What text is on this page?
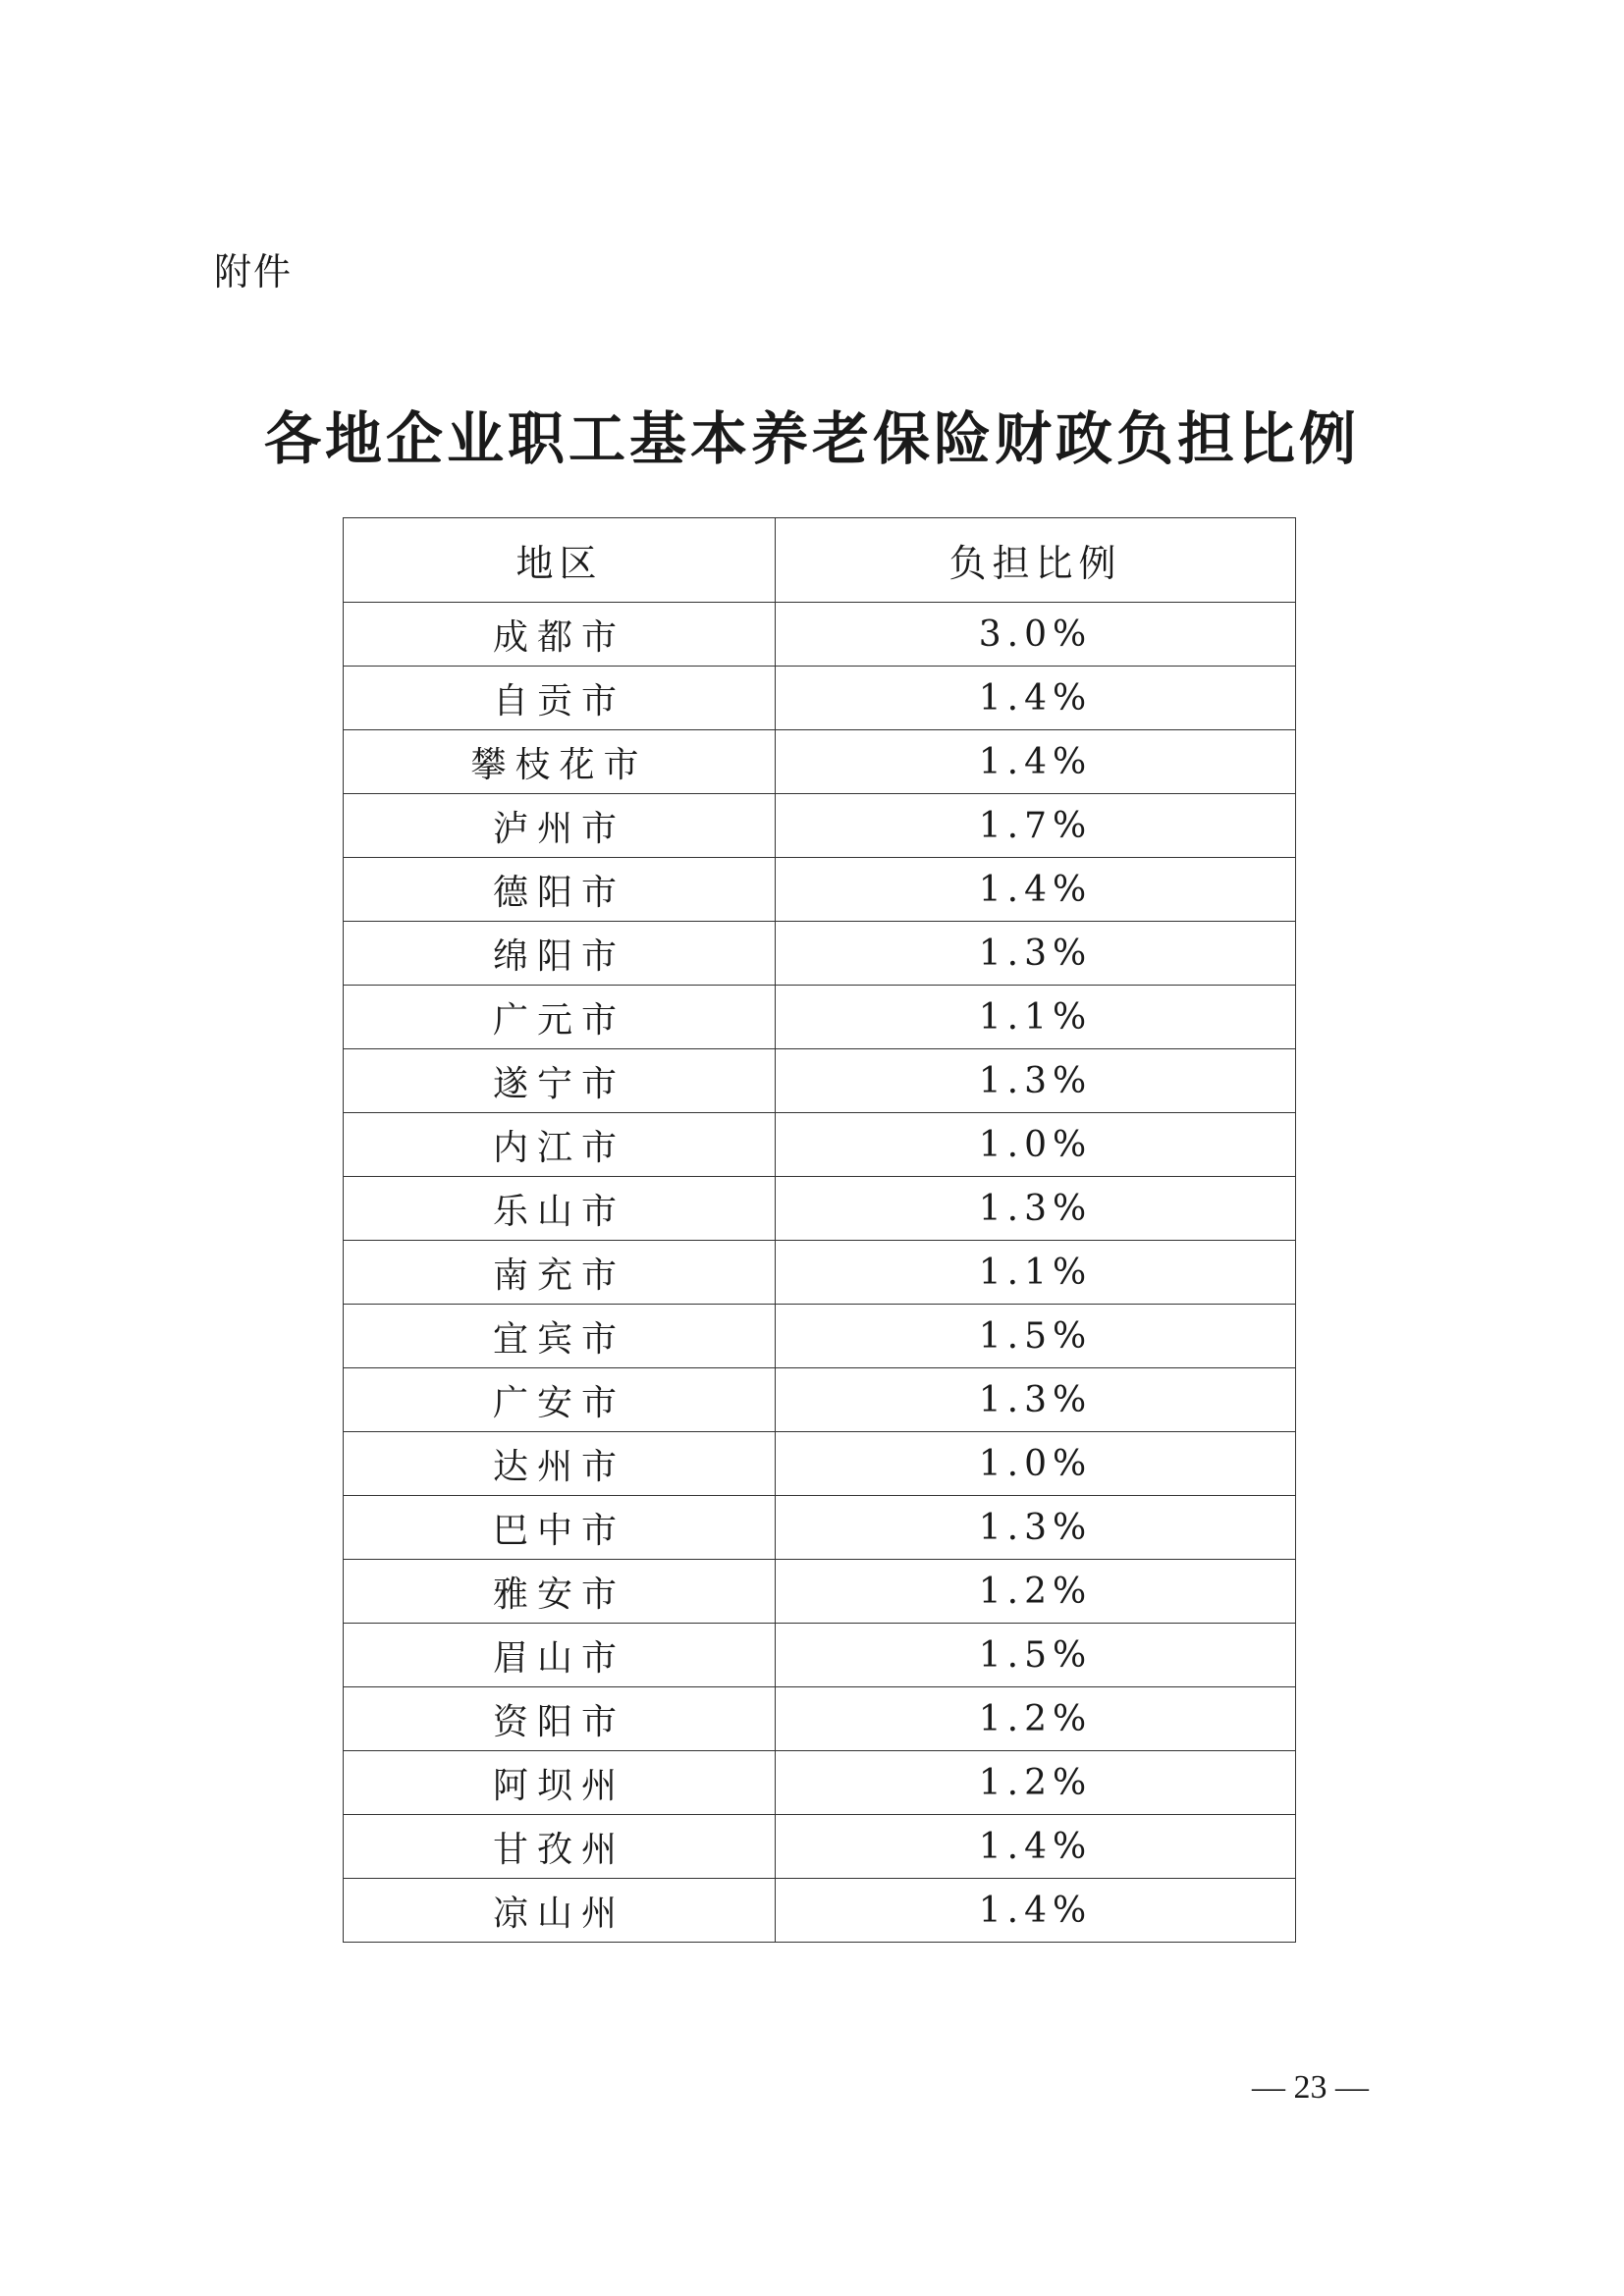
附件
各地企业职工基本养老保险财政负担比例
地区	负担比例
成都市	3.0%
自贡市	1.4%
攀枝花市	1.4%
泸州市	1.7%
德阳市	1.4%
绵阳市	1.3%
广元市	1.1%
遂宁市	1.3%
内江市	1.0%
乐山市	1.3%
南充市	1.1%
宜宾市	1.5%
广安市	1.3%
达州市	1.0%
巴中市	1.3%
雅安市	1.2%
眉山市	1.5%
资阳市	1.2%
阿坝州	1.2%
甘孜州	1.4%
凉山州	1.4%
— 23 —
